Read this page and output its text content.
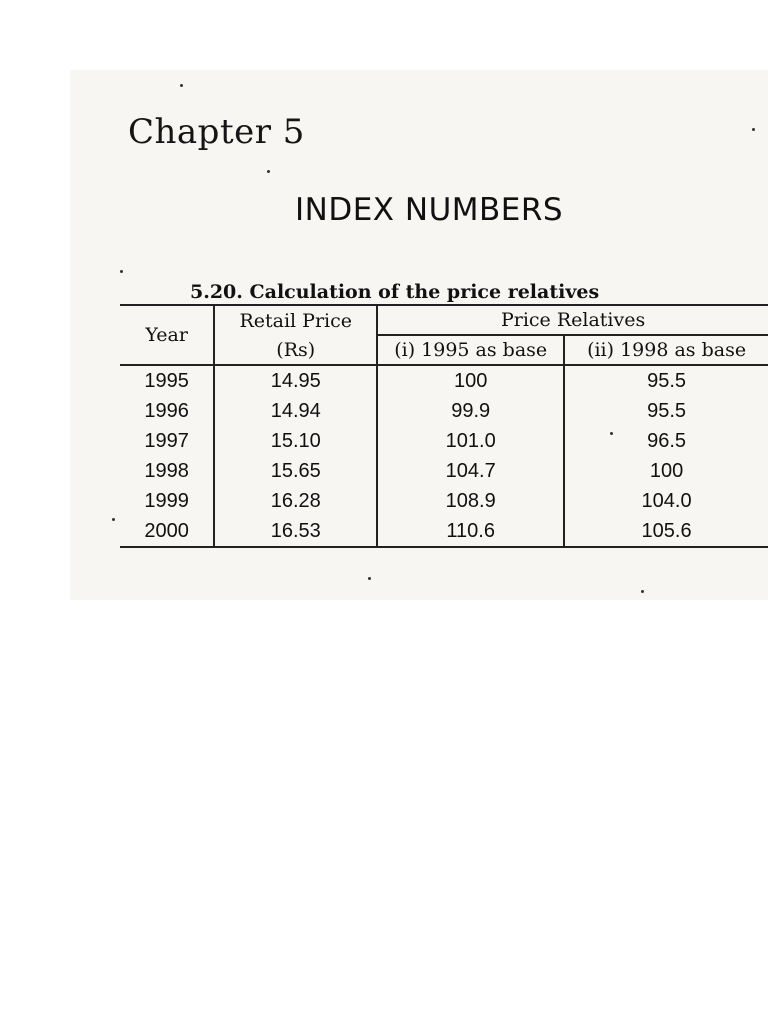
Chapter 5
INDEX NUMBERS
5.20. Calculation of the price relatives
Year	Retail Price	Price Relatives	
	(Rs)	(i) 1995 as base	(ii) 1998 as base
1995	14.95	100	95.5
1996	14.94	99.9	95.5
1997	15.10	101.0	96.5
1998	15.65	104.7	100
1999	16.28	108.9	104.0
2000	16.53	110.6	105.6
